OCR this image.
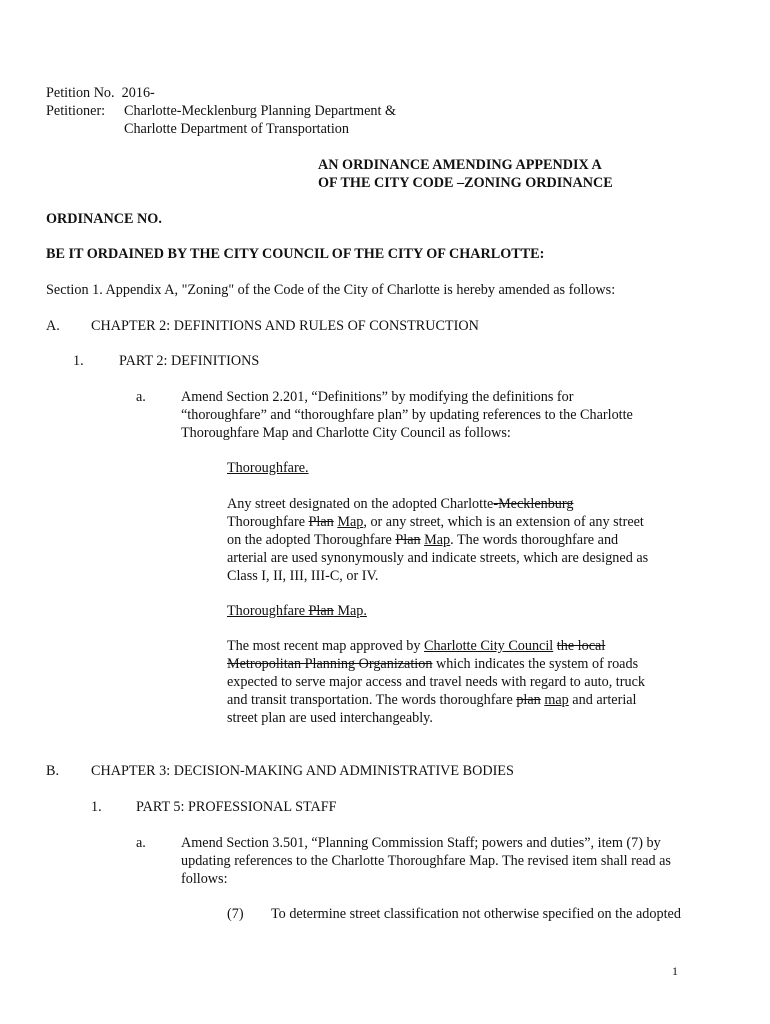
Petition No. 2016-
Petitioner: Charlotte-Mecklenburg Planning Department &
Charlotte Department of Transportation
AN ORDINANCE AMENDING APPENDIX A
OF THE CITY CODE –ZONING ORDINANCE
ORDINANCE NO.
BE IT ORDAINED BY THE CITY COUNCIL OF THE CITY OF CHARLOTTE:
Section 1. Appendix A, "Zoning" of the Code of the City of Charlotte is hereby amended as follows:
A. CHAPTER 2: DEFINITIONS AND RULES OF CONSTRUCTION
1. PART 2: DEFINITIONS
a. Amend Section 2.201, “Definitions” by modifying the definitions for
“thoroughfare” and “thoroughfare plan” by updating references to the Charlotte
Thoroughfare Map and Charlotte City Council as follows:
Thoroughfare.
Any street designated on the adopted Charlotte-Mecklenburg
Thoroughfare Plan Map, or any street, which is an extension of any street
on the adopted Thoroughfare Plan Map. The words thoroughfare and
arterial are used synonymously and indicate streets, which are designed as
Class I, II, III, III-C, or IV.
Thoroughfare Plan Map.
The most recent map approved by Charlotte City Council the local
Metropolitan Planning Organization which indicates the system of roads
expected to serve major access and travel needs with regard to auto, truck
and transit transportation. The words thoroughfare plan map and arterial
street plan are used interchangeably.
B. CHAPTER 3: DECISION-MAKING AND ADMINISTRATIVE BODIES
1. PART 5: PROFESSIONAL STAFF
a. Amend Section 3.501, “Planning Commission Staff; powers and duties”, item (7) by
updating references to the Charlotte Thoroughfare Map. The revised item shall read as
follows:
(7) To determine street classification not otherwise specified on the adopted
1
